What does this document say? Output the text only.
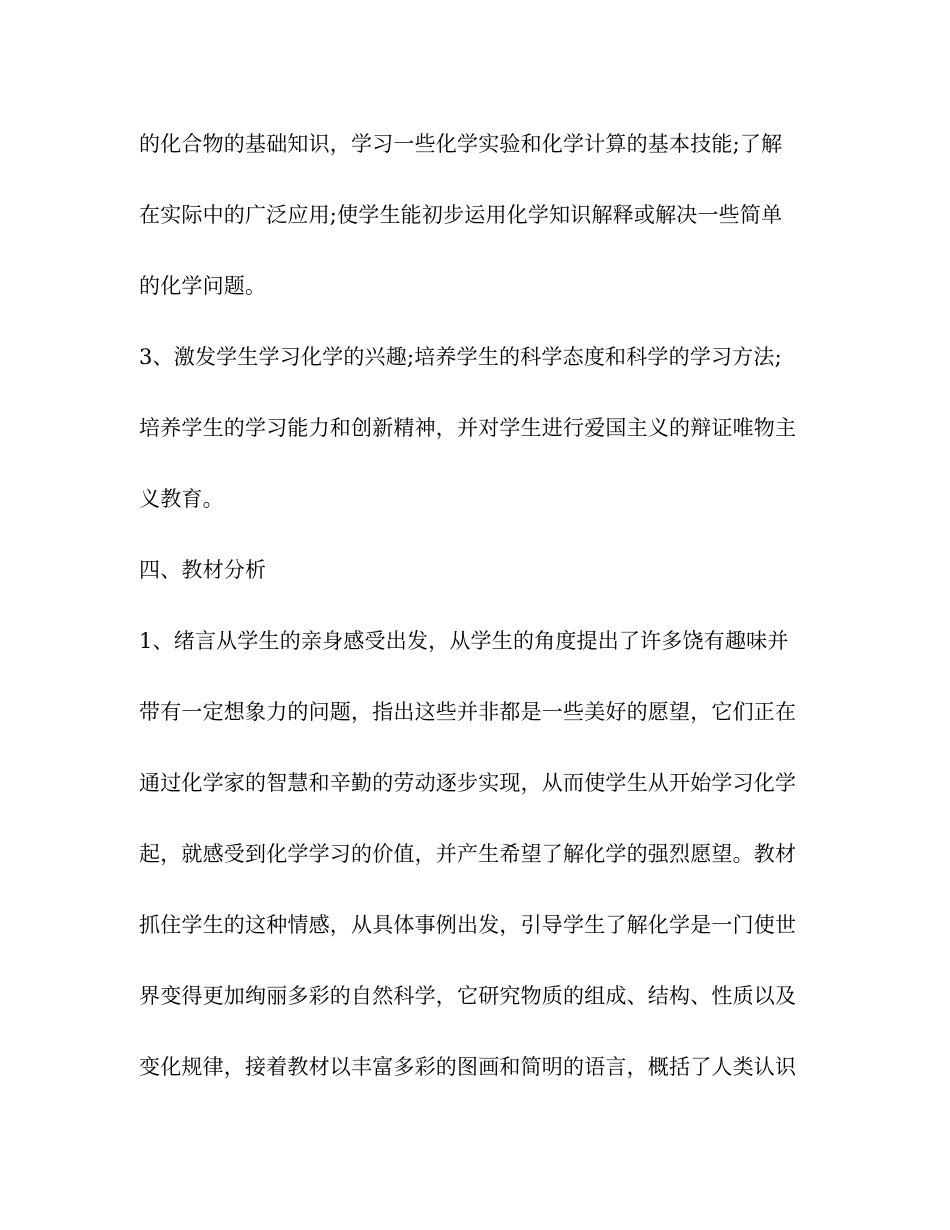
的化合物的基础知识，学习一些化学实验和化学计算的基本技能;了解
在实际中的广泛应用;使学生能初步运用化学知识解释或解决一些简单
的化学问题。
3、激发学生学习化学的兴趣;培养学生的科学态度和科学的学习方法;
培养学生的学习能力和创新精神，并对学生进行爱国主义的辩证唯物主
义教育。
四、教材分析
1、绪言从学生的亲身感受出发，从学生的角度提出了许多饶有趣味并
带有一定想象力的问题，指出这些并非都是一些美好的愿望，它们正在
通过化学家的智慧和辛勤的劳动逐步实现，从而使学生从开始学习化学
起，就感受到化学学习的价值，并产生希望了解化学的强烈愿望。教材
抓住学生的这种情感，从具体事例出发，引导学生了解化学是一门使世
界变得更加绚丽多彩的自然科学，它研究物质的组成、结构、性质以及
变化规律，接着教材以丰富多彩的图画和简明的语言，概括了人类认识
